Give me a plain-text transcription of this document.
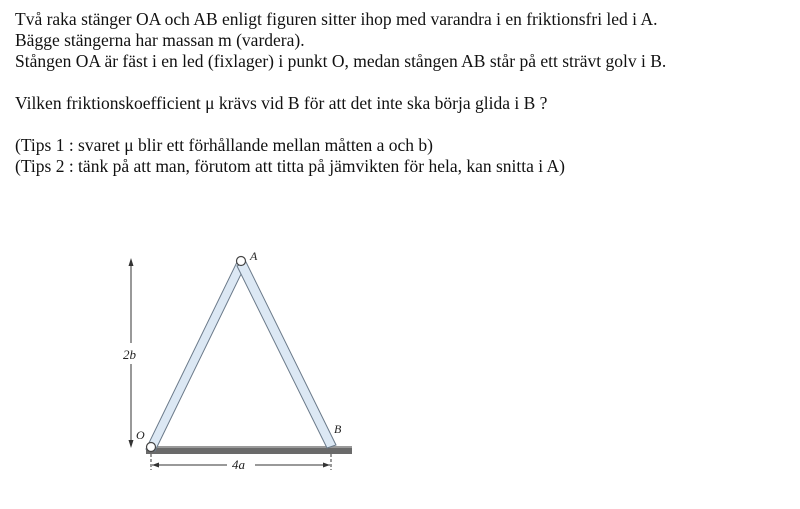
Två raka stänger OA och AB enligt figuren sitter ihop med varandra i en friktionsfri led i A.
Bägge stängerna har massan m (vardera).
Stången OA är fäst i en led (fixlager) i punkt O, medan stången AB står på ett strävt golv i B.
Vilken friktionskoefficient μ krävs vid B för att det inte ska börja glida i B ?
(Tips 1 : svaret μ blir ett förhållande mellan måtten a och b)
(Tips 2 : tänk på att man, förutom att titta på jämvikten för hela, kan snitta i A)
2b
4a
A
O	B
